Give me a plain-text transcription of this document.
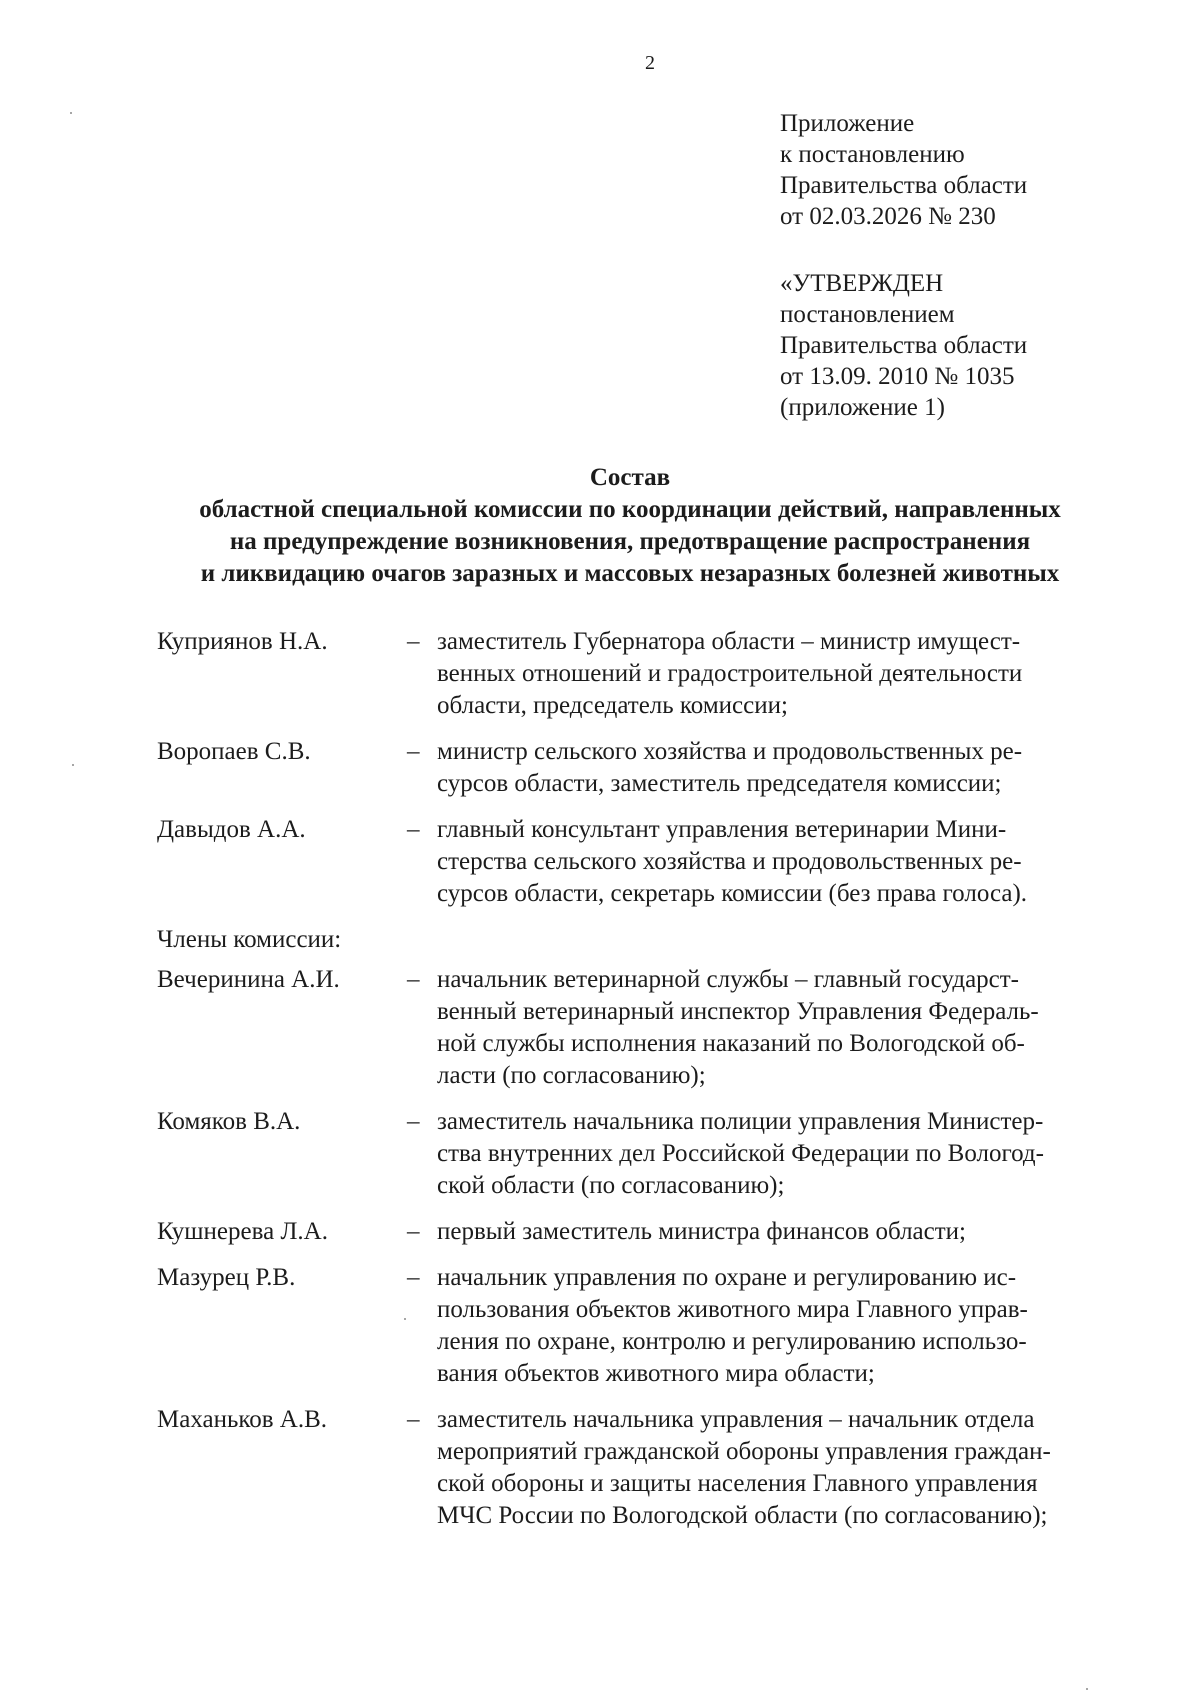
2
Приложение
к постановлению
Правительства области
от 02.03.2026 № 230
«УТВЕРЖДЕН
постановлением
Правительства области
от 13.09. 2010 № 1035
(приложение 1)
Состав
областной специальной комиссии по координации действий, направленных
на предупреждение возникновения, предотвращение распространения
и ликвидацию очагов заразных и массовых незаразных болезней животных
Куприянов Н.А.	– заместитель Губернатора области – министр имущест-
венных отношений и градостроительной деятельности
области, председатель комиссии;
Воропаев С.В.	– министр сельского хозяйства и продовольственных ре-
сурсов области, заместитель председателя комиссии;
Давыдов А.А.	– главный консультант управления ветеринарии Мини-
стерства сельского хозяйства и продовольственных ре-
сурсов области, секретарь комиссии (без права голоса).
Члены комиссии:
Вечеринина А.И.	– начальник ветеринарной службы – главный государст-
венный ветеринарный инспектор Управления Федераль-
ной службы исполнения наказаний по Вологодской об-
ласти (по согласованию);
Комяков В.А.	– заместитель начальника полиции управления Министер-
ства внутренних дел Российской Федерации по Вологод-
ской области (по согласованию);
Кушнерева Л.А.	– первый заместитель министра финансов области;
Мазурец Р.В.	– начальник управления по охране и регулированию ис-
пользования объектов животного мира Главного управ-
ления по охране, контролю и регулированию использо-
вания объектов животного мира области;
Маханьков А.В.	– заместитель начальника управления – начальник отдела
мероприятий гражданской обороны управления граждан-
ской обороны и защиты населения Главного управления
МЧС России по Вологодской области (по согласованию);
